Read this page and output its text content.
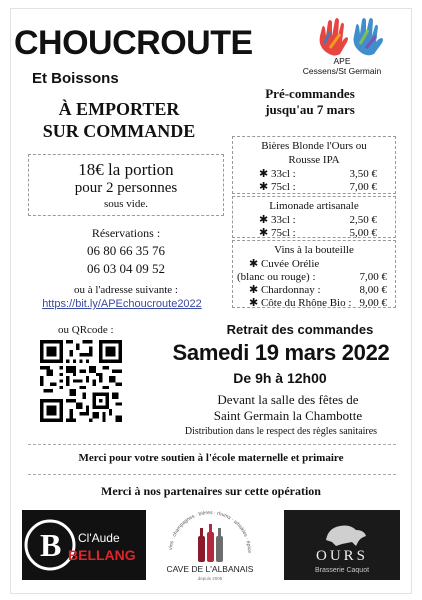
CHOUCROUTE
Et Boissons
À EMPORTER
SUR COMMANDE
APE
Cessens/St Germain
Pré-commandes
jusqu'au 7 mars
18€ la portion
pour 2 personnes
sous vide.
Réservations :
06 80 66 35 76
06 03 04 09 52
ou à l'adresse suivante :
https://bit.ly/APEchoucroute2022
ou QRcode :
Bières Blonde l'Ours ou
Rousse IPA
✱ 33cl :	3,50 €
✱ 75cl :	7,00 €
Limonade artisanale
✱ 33cl :	2,50 €
✱ 75cl :	5,00 €
Vins à la bouteille
✱ Cuvée Orélie
(blanc ou rouge) :	7,00 €
✱ Chardonnay :	8,00 €
✱ Côte du Rhône Bio : 9,00 €
Retrait des commandes
Samedi 19 mars 2022
De 9h à 12h00
Devant la salle des fêtes de
Saint Germain la Chambotte
Distribution dans le respect des règles sanitaires
Merci pour votre soutien à l'école maternelle et primaire
Merci à nos partenaires sur cette opération
B Cl'Aude
BELLANG	vins · champagnes · bières · rhums · whiskies · épice
CAVE DE L'ALBANAIS
depuis 2005
OURS
Brasserie Caquot
